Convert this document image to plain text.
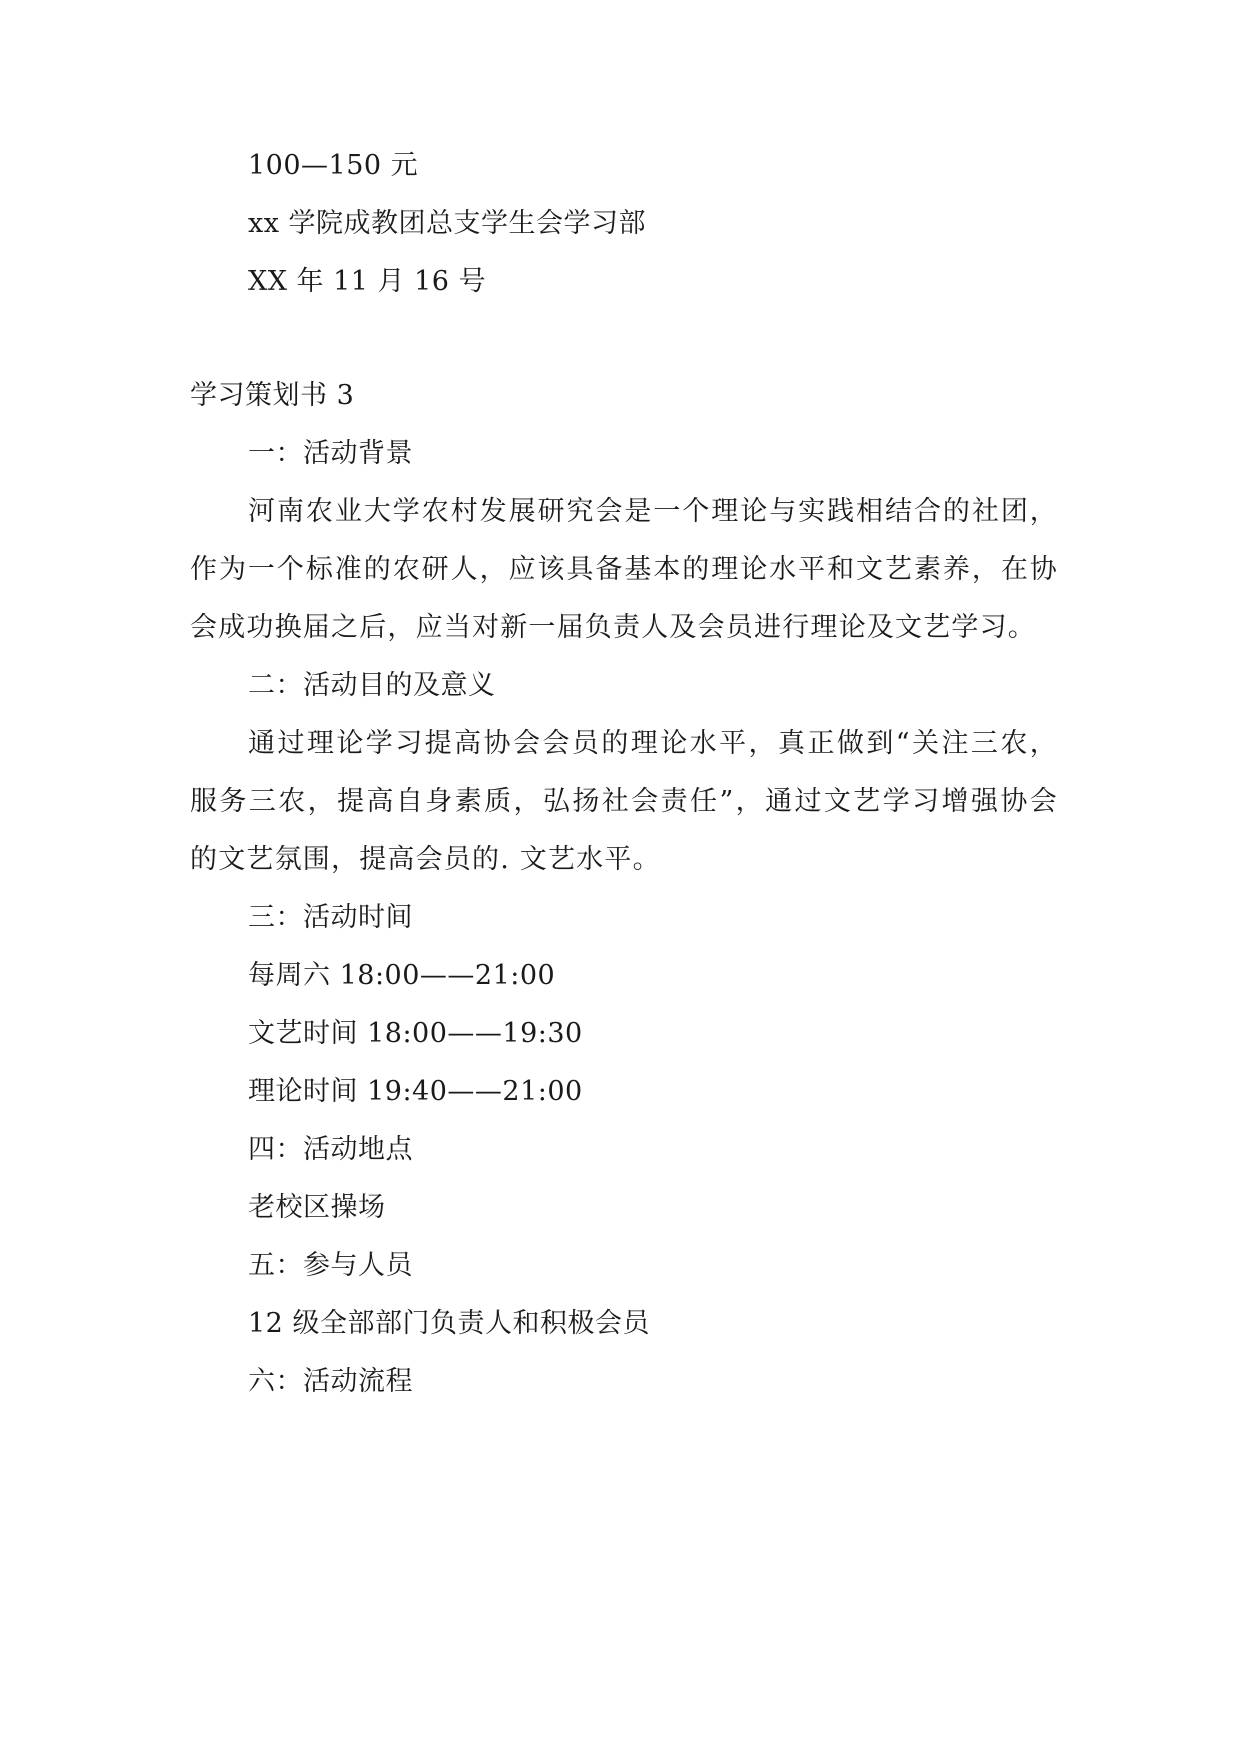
100—150 元
xx 学院成教团总支学生会学习部
XX 年 11 月 16 号
学习策划书 3
一：活动背景
河南农业大学农村发展研究会是一个理论与实践相结合的社团，
作为一个标准的农研人，应该具备基本的理论水平和文艺素养，在协
会成功换届之后，应当对新一届负责人及会员进行理论及文艺学习。
二：活动目的及意义
通过理论学习提高协会会员的理论水平，真正做到“关注三农，
服务三农，提高自身素质，弘扬社会责任”，通过文艺学习增强协会
的文艺氛围，提高会员的. 文艺水平。
三：活动时间
每周六 18:00——21:00
文艺时间 18:00——19:30
理论时间 19:40——21:00
四：活动地点
老校区操场
五：参与人员
12 级全部部门负责人和积极会员
六：活动流程
